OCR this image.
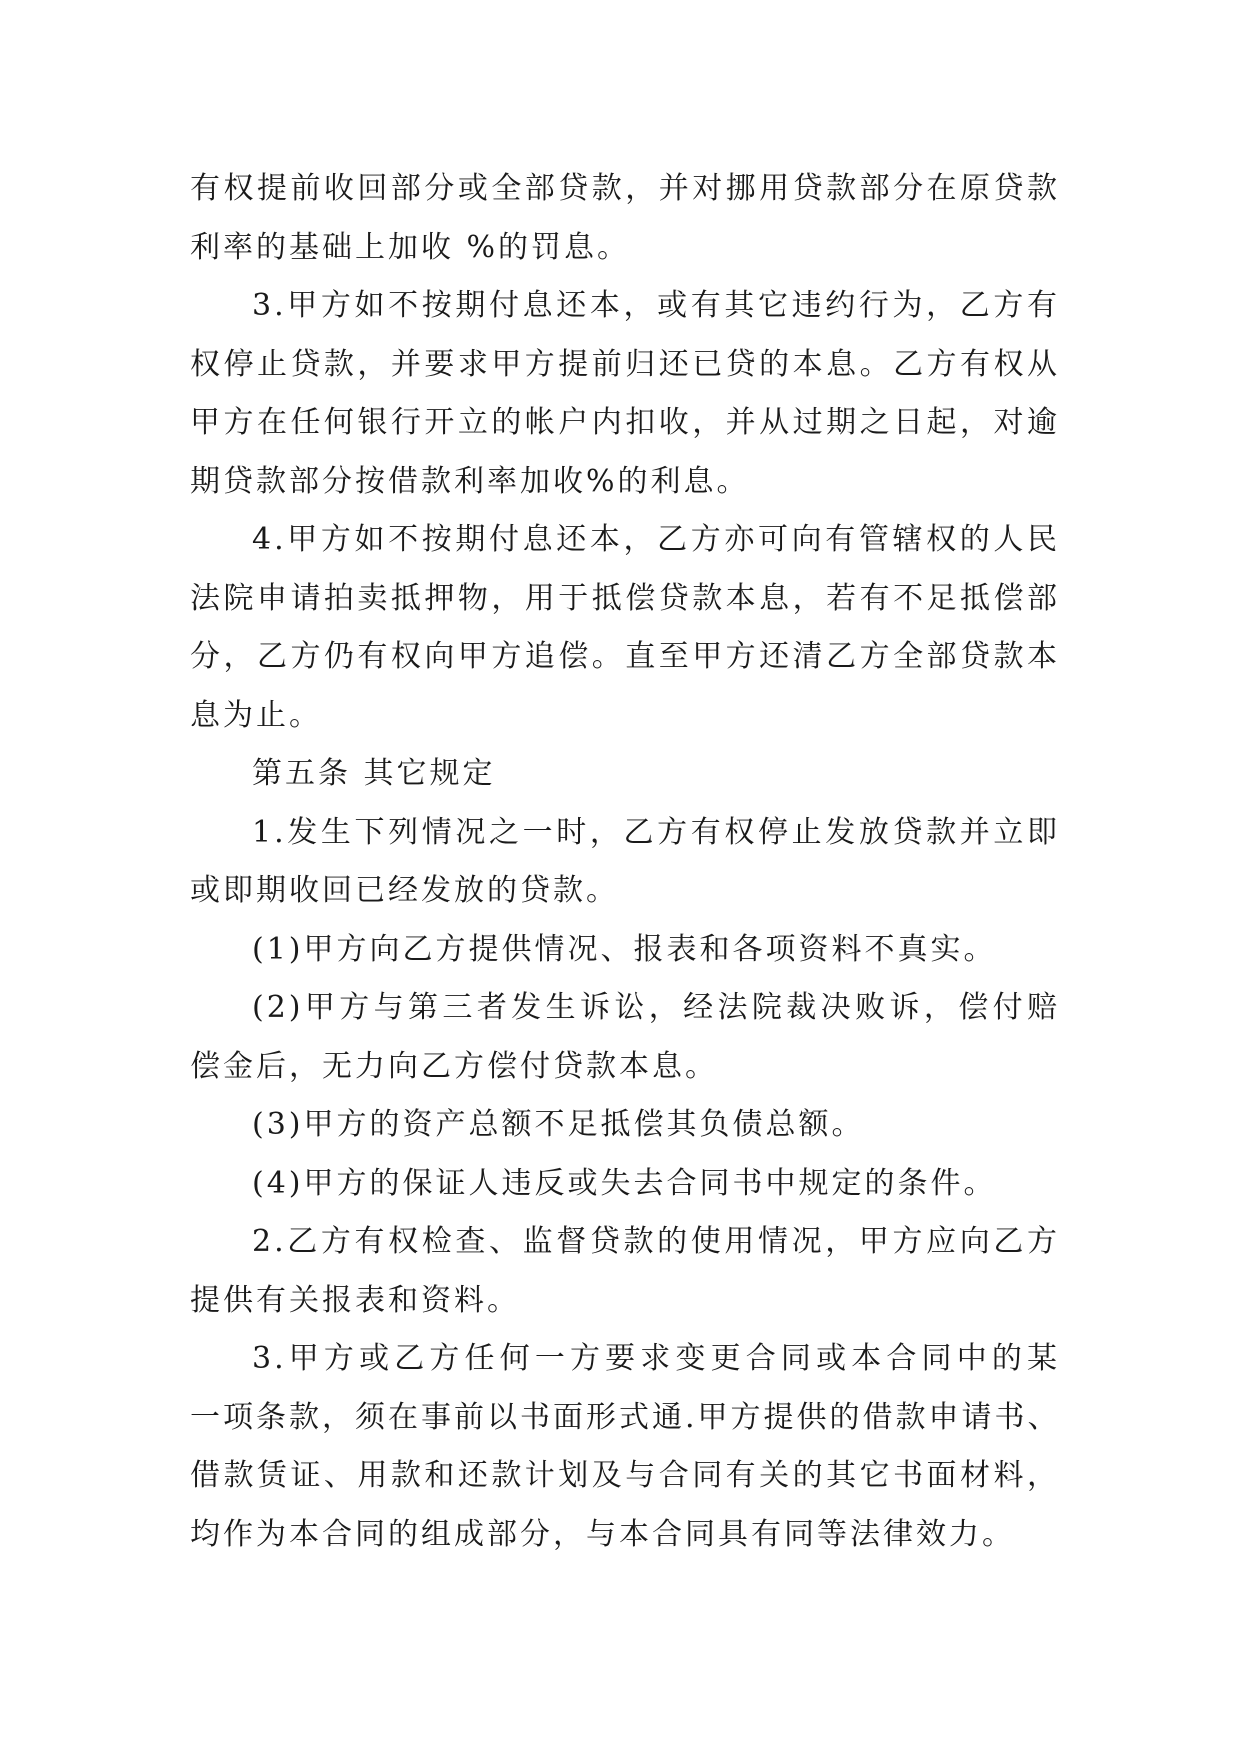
有权提前收回部分或全部贷款，并对挪用贷款部分在原贷款
利率的基础上加收 %的罚息。
3.甲方如不按期付息还本，或有其它违约行为，乙方有
权停止贷款，并要求甲方提前归还已贷的本息。乙方有权从
甲方在任何银行开立的帐户内扣收，并从过期之日起，对逾
期贷款部分按借款利率加收%的利息。
4.甲方如不按期付息还本，乙方亦可向有管辖权的人民
法院申请拍卖抵押物，用于抵偿贷款本息，若有不足抵偿部
分，乙方仍有权向甲方追偿。直至甲方还清乙方全部贷款本
息为止。
第五条 其它规定
1.发生下列情况之一时，乙方有权停止发放贷款并立即
或即期收回已经发放的贷款。
(1)甲方向乙方提供情况、报表和各项资料不真实。
(2)甲方与第三者发生诉讼，经法院裁决败诉，偿付赔
偿金后，无力向乙方偿付贷款本息。
(3)甲方的资产总额不足抵偿其负债总额。
(4)甲方的保证人违反或失去合同书中规定的条件。
2.乙方有权检查、监督贷款的使用情况，甲方应向乙方
提供有关报表和资料。
3.甲方或乙方任何一方要求变更合同或本合同中的某
一项条款，须在事前以书面形式通.甲方提供的借款申请书、
借款赁证、用款和还款计划及与合同有关的其它书面材料，
均作为本合同的组成部分，与本合同具有同等法律效力。
